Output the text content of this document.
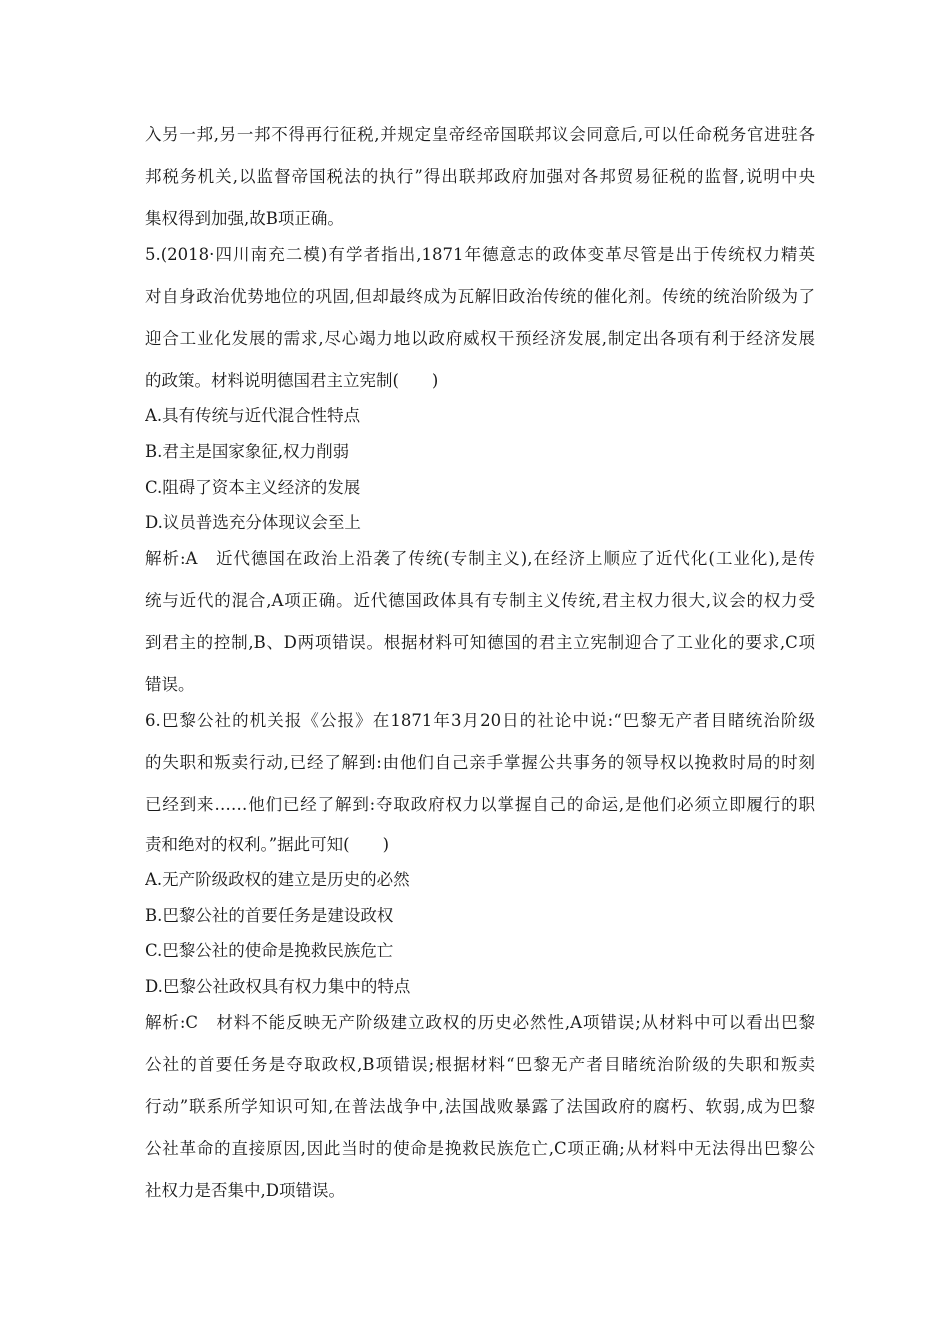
入另一邦,另一邦不得再行征税,并规定皇帝经帝国联邦议会同意后,可以任命税务官进驻各
邦税务机关,以监督帝国税法的执行”得出联邦政府加强对各邦贸易征税的监督,说明中央
集权得到加强,故B项正确。
5.(2018·四川南充二模)有学者指出,1871年德意志的政体变革尽管是出于传统权力精英
对自身政治优势地位的巩固,但却最终成为瓦解旧政治传统的催化剂。传统的统治阶级为了
迎合工业化发展的需求,尽心竭力地以政府威权干预经济发展,制定出各项有利于经济发展
的政策。材料说明德国君主立宪制(　　)
A.具有传统与近代混合性特点
B.君主是国家象征,权力削弱
C.阻碍了资本主义经济的发展
D.议员普选充分体现议会至上
解析:A　近代德国在政治上沿袭了传统(专制主义),在经济上顺应了近代化(工业化),是传
统与近代的混合,A项正确。近代德国政体具有专制主义传统,君主权力很大,议会的权力受
到君主的控制,B、D两项错误。根据材料可知德国的君主立宪制迎合了工业化的要求,C项
错误。
6.巴黎公社的机关报《公报》在1871年3月20日的社论中说:“巴黎无产者目睹统治阶级
的失职和叛卖行动,已经了解到:由他们自己亲手掌握公共事务的领导权以挽救时局的时刻
已经到来……他们已经了解到:夺取政府权力以掌握自己的命运,是他们必须立即履行的职
责和绝对的权利。”据此可知(　　)
A.无产阶级政权的建立是历史的必然
B.巴黎公社的首要任务是建设政权
C.巴黎公社的使命是挽救民族危亡
D.巴黎公社政权具有权力集中的特点
解析:C　材料不能反映无产阶级建立政权的历史必然性,A项错误;从材料中可以看出巴黎
公社的首要任务是夺取政权,B项错误;根据材料“巴黎无产者目睹统治阶级的失职和叛卖
行动”联系所学知识可知,在普法战争中,法国战败暴露了法国政府的腐朽、软弱,成为巴黎
公社革命的直接原因,因此当时的使命是挽救民族危亡,C项正确;从材料中无法得出巴黎公
社权力是否集中,D项错误。
